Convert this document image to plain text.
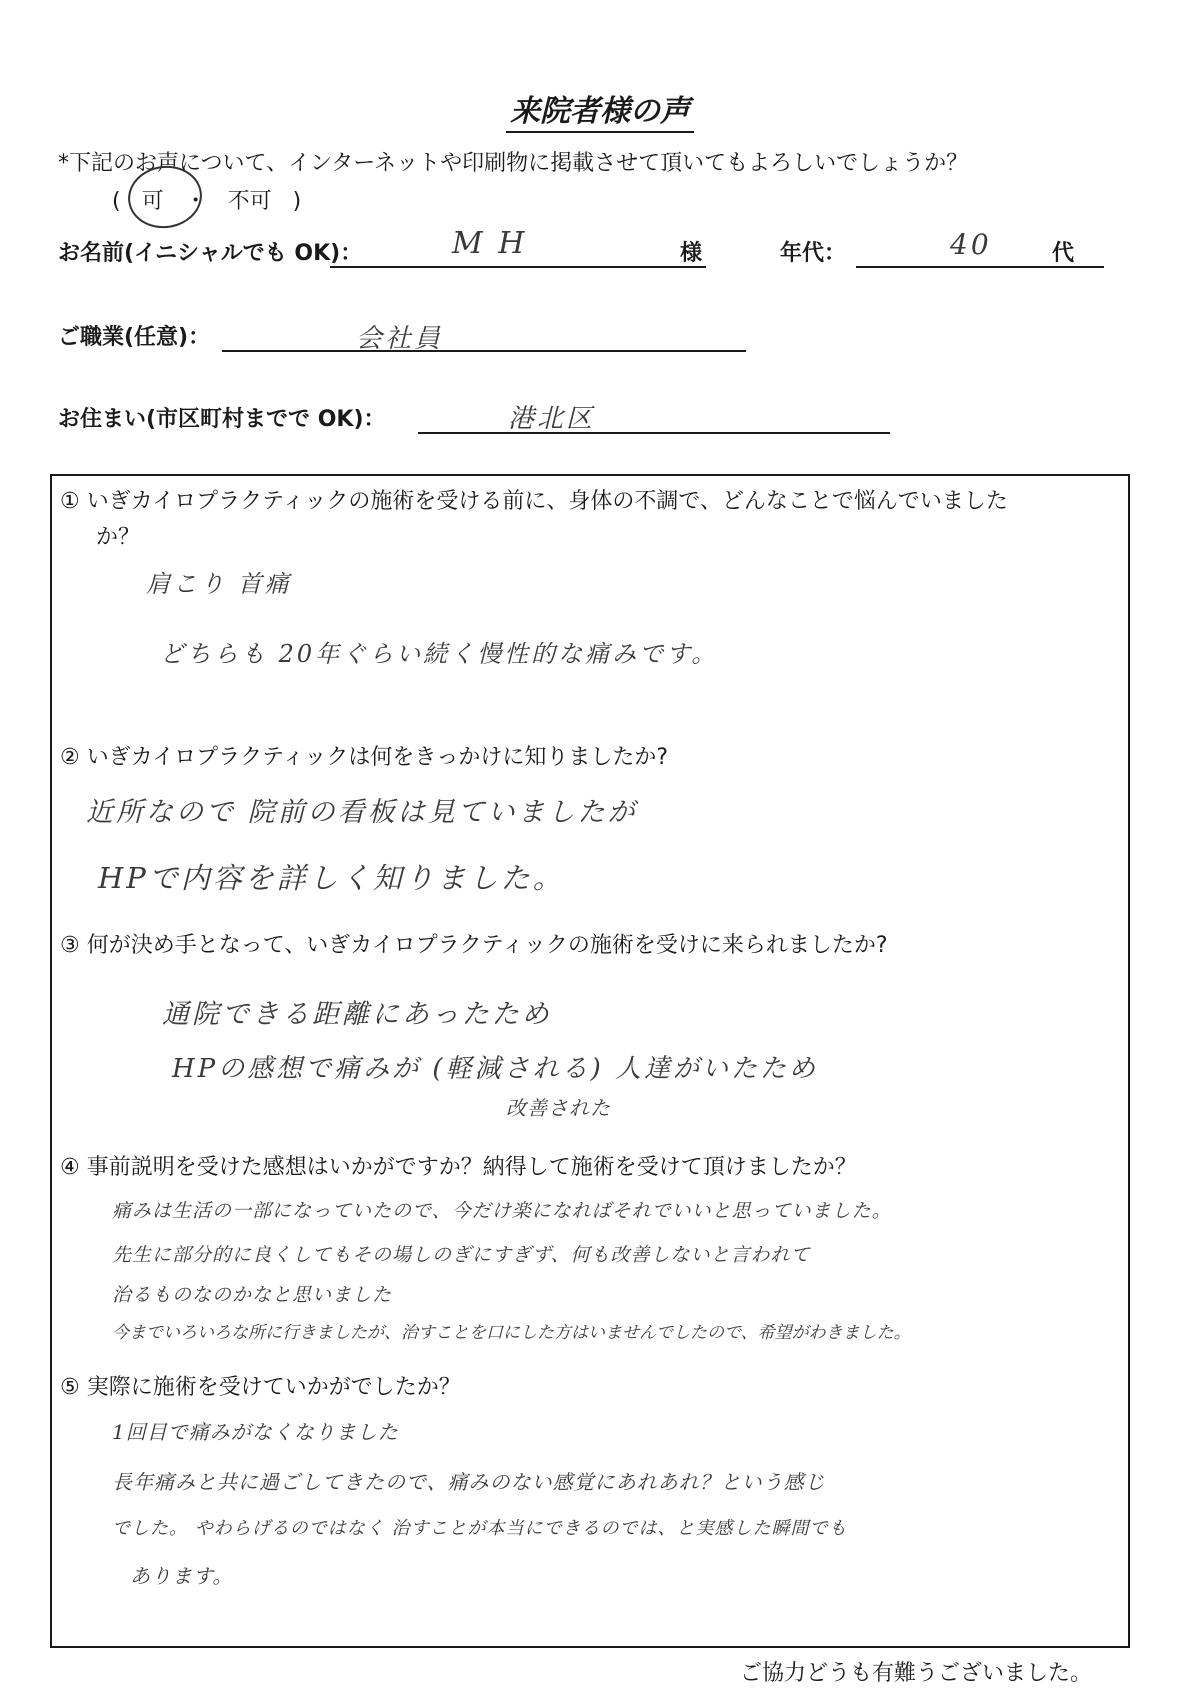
来院者様の声
*下記のお声について、インターネットや印刷物に掲載させて頂いてもよろしいでしょうか？
( 可 ・ 不可 )
お名前(イニシャルでも OK)：	M H	様	年代：	40	代
ご職業(任意)：	会社員
お住まい(市区町村までで OK)：	港北区
① いぎカイロプラクティックの施術を受ける前に、身体の不調で、どんなことで悩んでいました
か？
肩こり 首痛
どちらも 20年ぐらい続く慢性的な痛みです。
② いぎカイロプラクティックは何をきっかけに知りましたか?
近所なので 院前の看板は見ていましたが
HPで内容を詳しく知りました。
③ 何が決め手となって、いぎカイロプラクティックの施術を受けに来られましたか?
通院できる距離にあったため
HPの感想で痛みが (軽減される) 人達がいたため
改善された
④ 事前説明を受けた感想はいかがですか？納得して施術を受けて頂けましたか？
痛みは生活の一部になっていたので、今だけ楽になればそれでいいと思っていました。
先生に部分的に良くしてもその場しのぎにすぎず、何も改善しないと言われて
治るものなのかなと思いました
今までいろいろな所に行きましたが、治すことを口にした方はいませんでしたので、希望がわきました。
⑤ 実際に施術を受けていかがでしたか？
1回目で痛みがなくなりました
長年痛みと共に過ごしてきたので、痛みのない感覚にあれあれ？という感じ
でした。 やわらげるのではなく 治すことが本当にできるのでは、と実感した瞬間でも
あります。
ご協力どうも有難うございました。
